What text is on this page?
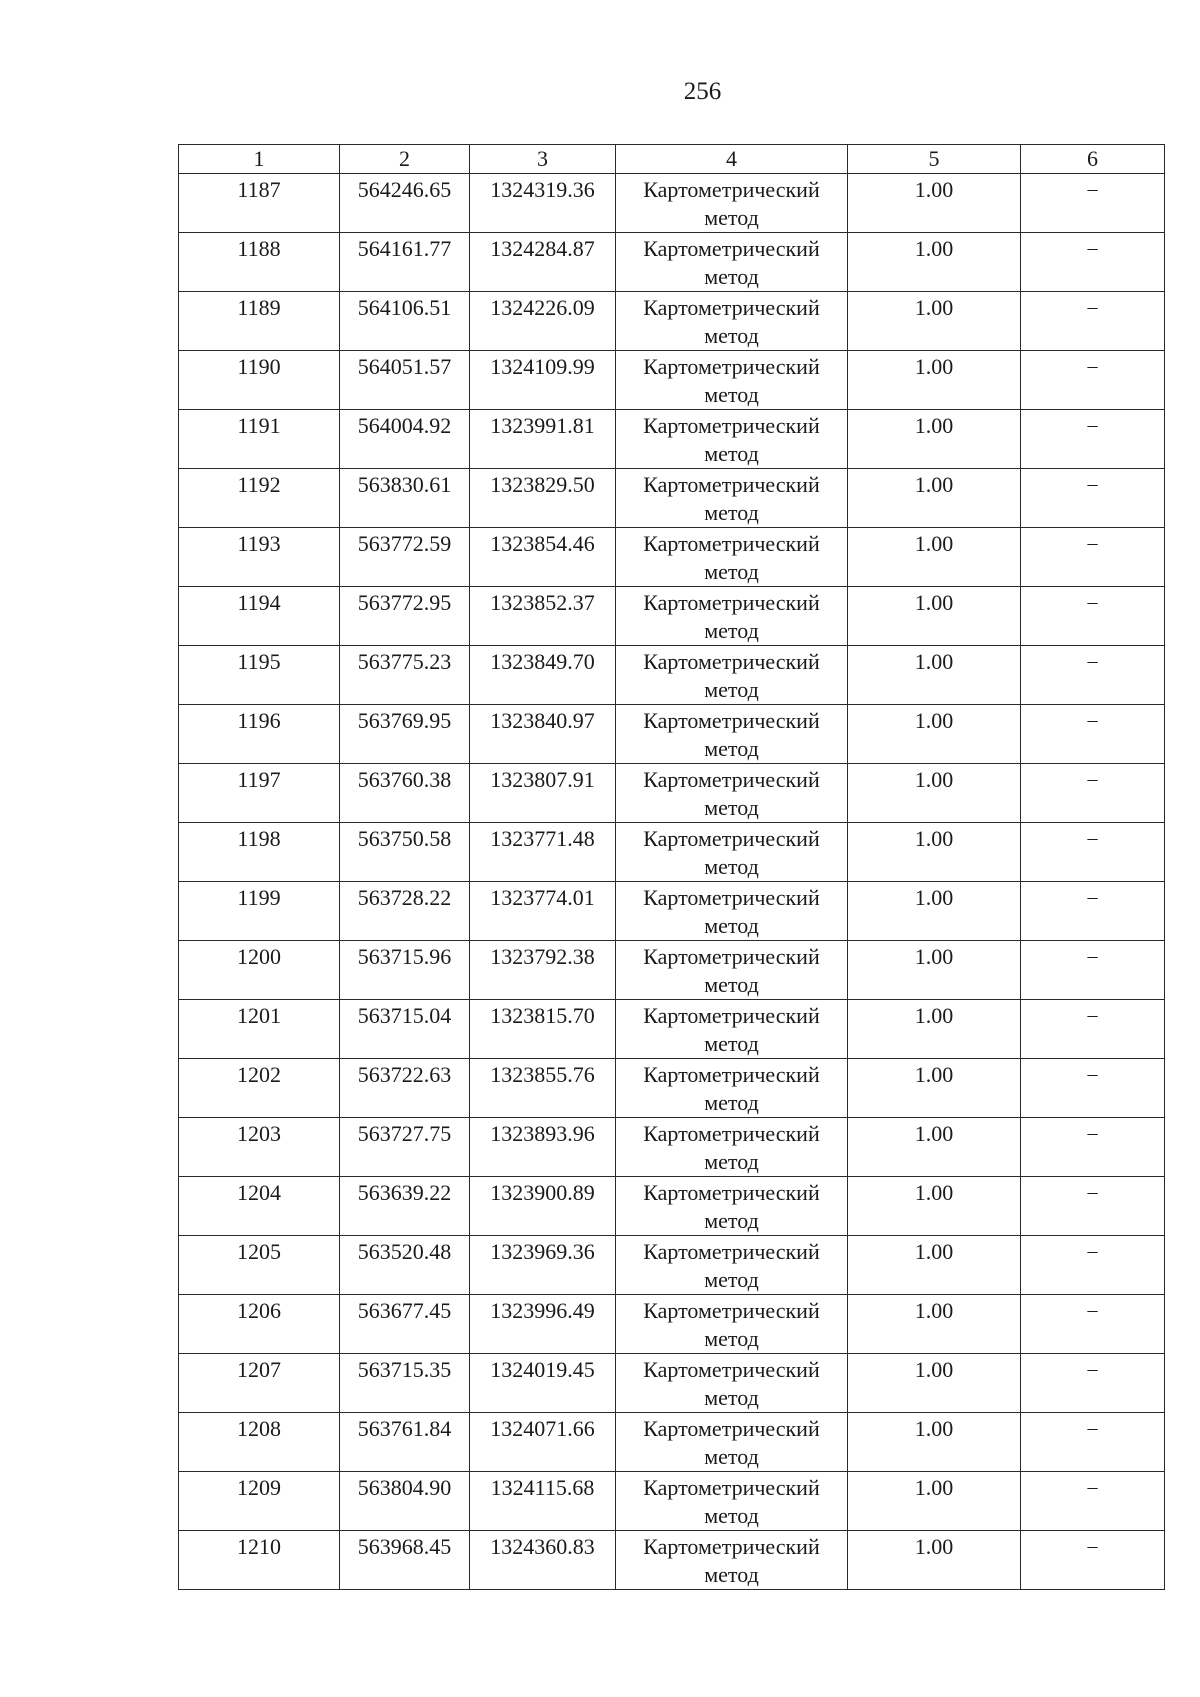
256
1	2	3	4	5	6
1187	564246.65	1324319.36	Картометрический метод	1.00	–
1188	564161.77	1324284.87	Картометрический метод	1.00	–
1189	564106.51	1324226.09	Картометрический метод	1.00	–
1190	564051.57	1324109.99	Картометрический метод	1.00	–
1191	564004.92	1323991.81	Картометрический метод	1.00	–
1192	563830.61	1323829.50	Картометрический метод	1.00	–
1193	563772.59	1323854.46	Картометрический метод	1.00	–
1194	563772.95	1323852.37	Картометрический метод	1.00	–
1195	563775.23	1323849.70	Картометрический метод	1.00	–
1196	563769.95	1323840.97	Картометрический метод	1.00	–
1197	563760.38	1323807.91	Картометрический метод	1.00	–
1198	563750.58	1323771.48	Картометрический метод	1.00	–
1199	563728.22	1323774.01	Картометрический метод	1.00	–
1200	563715.96	1323792.38	Картометрический метод	1.00	–
1201	563715.04	1323815.70	Картометрический метод	1.00	–
1202	563722.63	1323855.76	Картометрический метод	1.00	–
1203	563727.75	1323893.96	Картометрический метод	1.00	–
1204	563639.22	1323900.89	Картометрический метод	1.00	–
1205	563520.48	1323969.36	Картометрический метод	1.00	–
1206	563677.45	1323996.49	Картометрический метод	1.00	–
1207	563715.35	1324019.45	Картометрический метод	1.00	–
1208	563761.84	1324071.66	Картометрический метод	1.00	–
1209	563804.90	1324115.68	Картометрический метод	1.00	–
1210	563968.45	1324360.83	Картометрический метод	1.00	–
